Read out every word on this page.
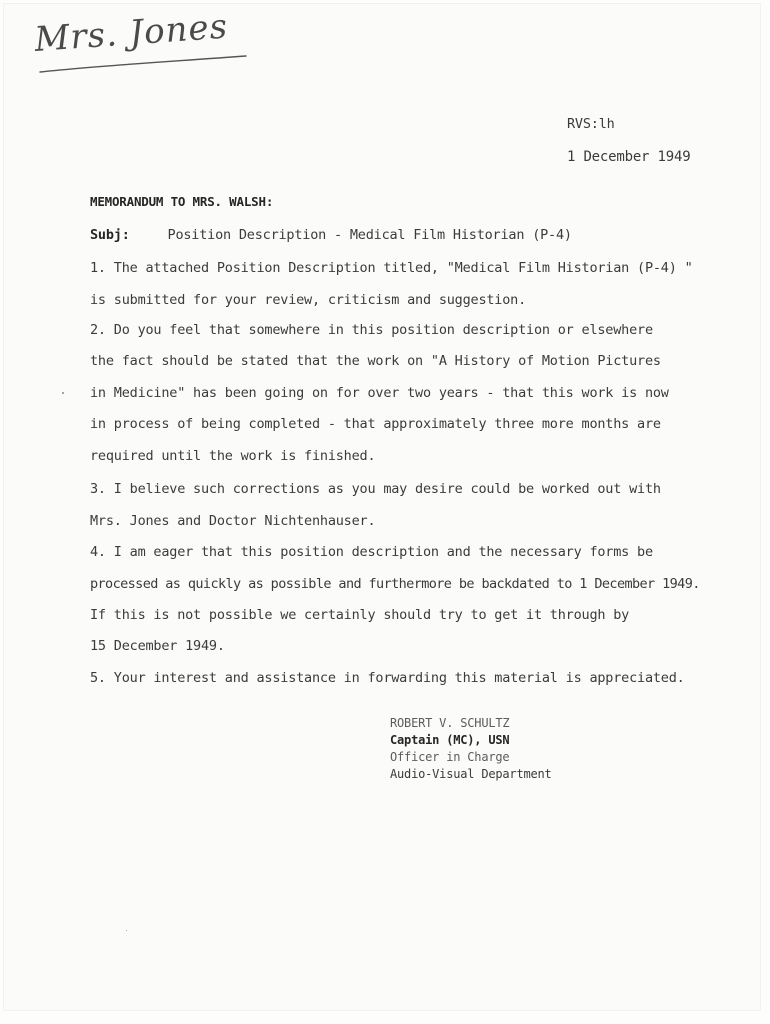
Mrs. Jones
RVS:lh
1 December 1949
MEMORANDUM TO MRS. WALSH:
Subj:	Position Description - Medical Film Historian (P-4)
1. The attached Position Description titled, "Medical Film Historian (P-4) "
is submitted for your review, criticism and suggestion.
2. Do you feel that somewhere in this position description or elsewhere
the fact should be stated that the work on "A History of Motion Pictures
in Medicine" has been going on for over two years - that this work is now
in process of being completed - that approximately three more months are
required until the work is finished.
3. I believe such corrections as you may desire could be worked out with
Mrs. Jones and Doctor Nichtenhauser.
4. I am eager that this position description and the necessary forms be
processed as quickly as possible and furthermore be backdated to 1 December 1949.
If this is not possible we certainly should try to get it through by
15 December 1949.
5. Your interest and assistance in forwarding this material is appreciated.
ROBERT V. SCHULTZ
Captain (MC), USN
Officer in Charge
Audio-Visual Department
